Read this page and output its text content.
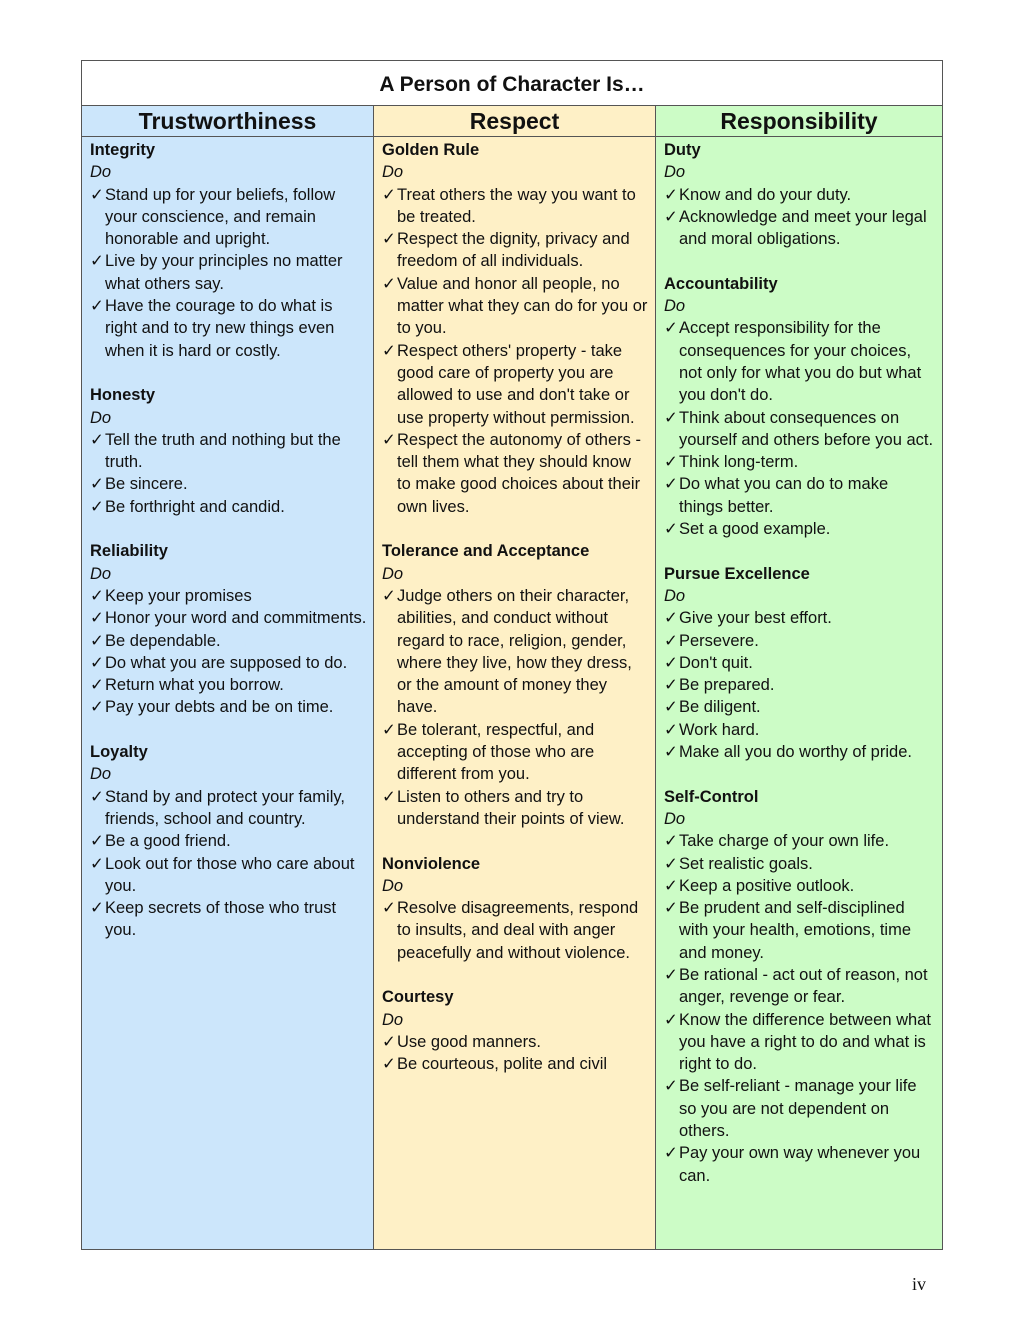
A Person of Character Is…
Trustworthiness
Integrity
Do
✓Stand up for your beliefs, follow your conscience, and remain honorable and upright.
✓Live by your principles no matter what others say.
✓Have the courage to do what is right and to try new things even when it is hard or costly.
Honesty
Do
✓Tell the truth and nothing but the truth.
✓Be sincere.
✓Be forthright and candid.
Reliability
Do
✓Keep your promises
✓Honor your word and commitments.
✓Be dependable.
✓Do what you are supposed to do.
✓Return what you borrow.
✓Pay your debts and be on time.
Loyalty
Do
✓Stand by and protect your family, friends, school and country.
✓Be a good friend.
✓Look out for those who care about you.
✓Keep secrets of those who trust you.
Respect
Golden Rule
Do
✓Treat others the way you want to be treated.
✓Respect the dignity, privacy and freedom of all individuals.
✓Value and honor all people, no matter what they can do for you or to you.
✓Respect others' property - take good care of property you are allowed to use and don't take or use property without permission.
✓Respect the autonomy of others - tell them what they should know to make good choices about their own lives.
Tolerance and Acceptance
Do
✓Judge others on their character, abilities, and conduct without regard to race, religion, gender, where they live, how they dress, or the amount of money they have.
✓Be tolerant, respectful, and accepting of those who are different from you.
✓Listen to others and try to understand their points of view.
Nonviolence
Do
✓Resolve disagreements, respond to insults, and deal with anger peacefully and without violence.
Courtesy
Do
✓Use good manners.
✓Be courteous, polite and civil
Responsibility
Duty
Do
✓Know and do your duty.
✓Acknowledge and meet your legal and moral obligations.
Accountability
Do
✓Accept responsibility for the consequences for your choices, not only for what you do but what you don't do.
✓Think about consequences on yourself and others before you act.
✓Think long-term.
✓Do what you can do to make things better.
✓Set a good example.
Pursue Excellence
Do
✓Give your best effort.
✓Persevere.
✓Don't quit.
✓Be prepared.
✓Be diligent.
✓Work hard.
✓Make all you do worthy of pride.
Self-Control
Do
✓Take charge of your own life.
✓Set realistic goals.
✓Keep a positive outlook.
✓Be prudent and self-disciplined with your health, emotions, time and money.
✓Be rational - act out of reason, not anger, revenge or fear.
✓Know the difference between what you have a right to do and what is right to do.
✓Be self-reliant - manage your life so you are not dependent on others.
✓Pay your own way whenever you can.
iv
